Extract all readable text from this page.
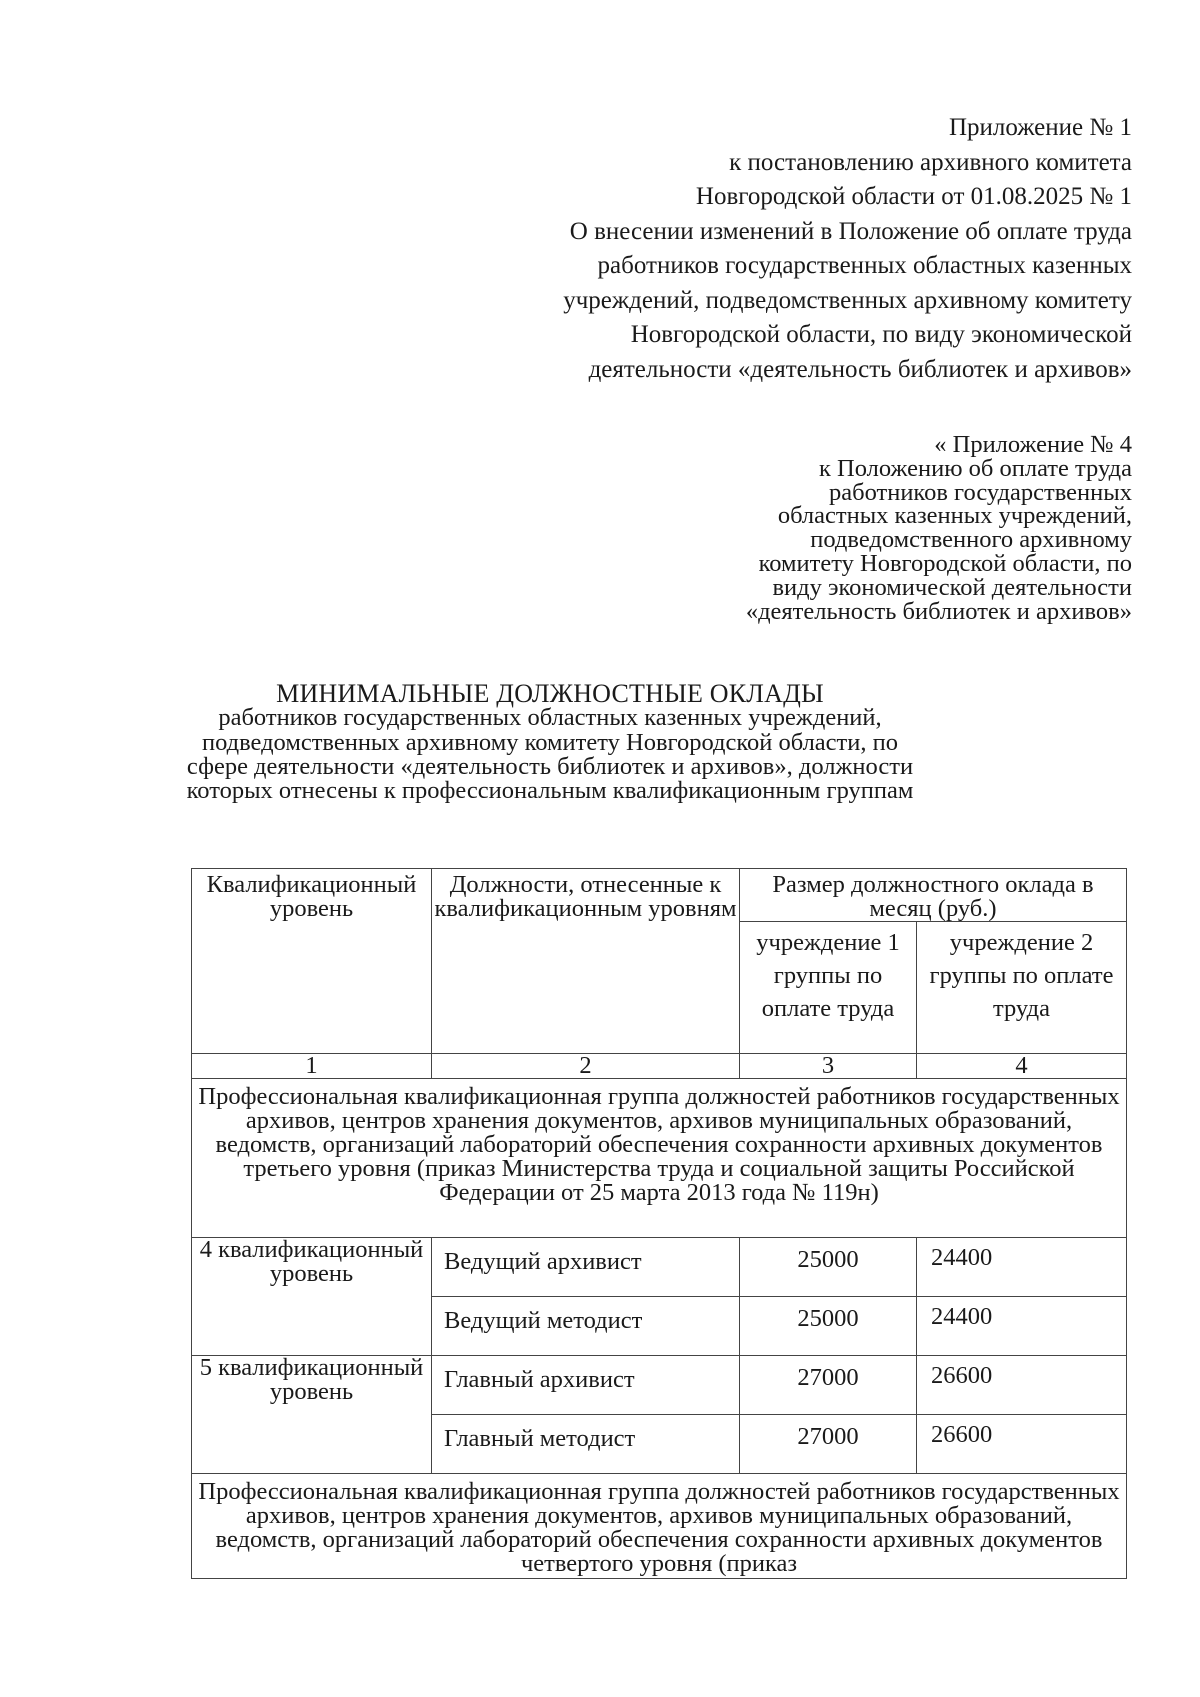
Приложение № 1
к постановлению архивного комитета
Новгородской области от 01.08.2025 № 1
О внесении изменений в Положение об оплате труда
работников государственных областных казенных
учреждений, подведомственных архивному комитету
Новгородской области, по виду экономической
деятельности «деятельность библиотек и архивов»
« Приложение № 4
к Положению об оплате труда
работников государственных
областных казенных учреждений,
подведомственного архивному
комитету Новгородской области, по
виду экономической деятельности
«деятельность библиотек и архивов»
МИНИМАЛЬНЫЕ ДОЛЖНОСТНЫЕ ОКЛАДЫ
работников государственных областных казенных учреждений,
подведомственных архивному комитету Новгородской области, по
сфере деятельности «деятельность библиотек и архивов», должности
которых отнесены к профессиональным квалификационным группам
Квалификационный уровень	Должности, отнесенные к квалификационным уровням	Размер должностного оклада в месяц (руб.)	
		учреждение 1 группы по оплате труда	учреждение 2 группы по оплате труда
1	2	3	4
Профессиональная квалификационная группа должностей работников государственных архивов, центров хранения документов, архивов муниципальных образований, ведомств, организаций лабораторий обеспечения сохранности архивных документов третьего уровня (приказ Министерства труда и социальной защиты Российской Федерации от 25 марта 2013 года № 119н)			
4 квалификационный уровень	Ведущий архивист	25000	24400
	Ведущий методист	25000	24400
5 квалификационный уровень	Главный архивист	27000	26600
	Главный методист	27000	26600
Профессиональная квалификационная группа должностей работников государственных архивов, центров хранения документов, архивов муниципальных образований, ведомств, организаций лабораторий обеспечения сохранности архивных документов четвертого уровня (приказ			
